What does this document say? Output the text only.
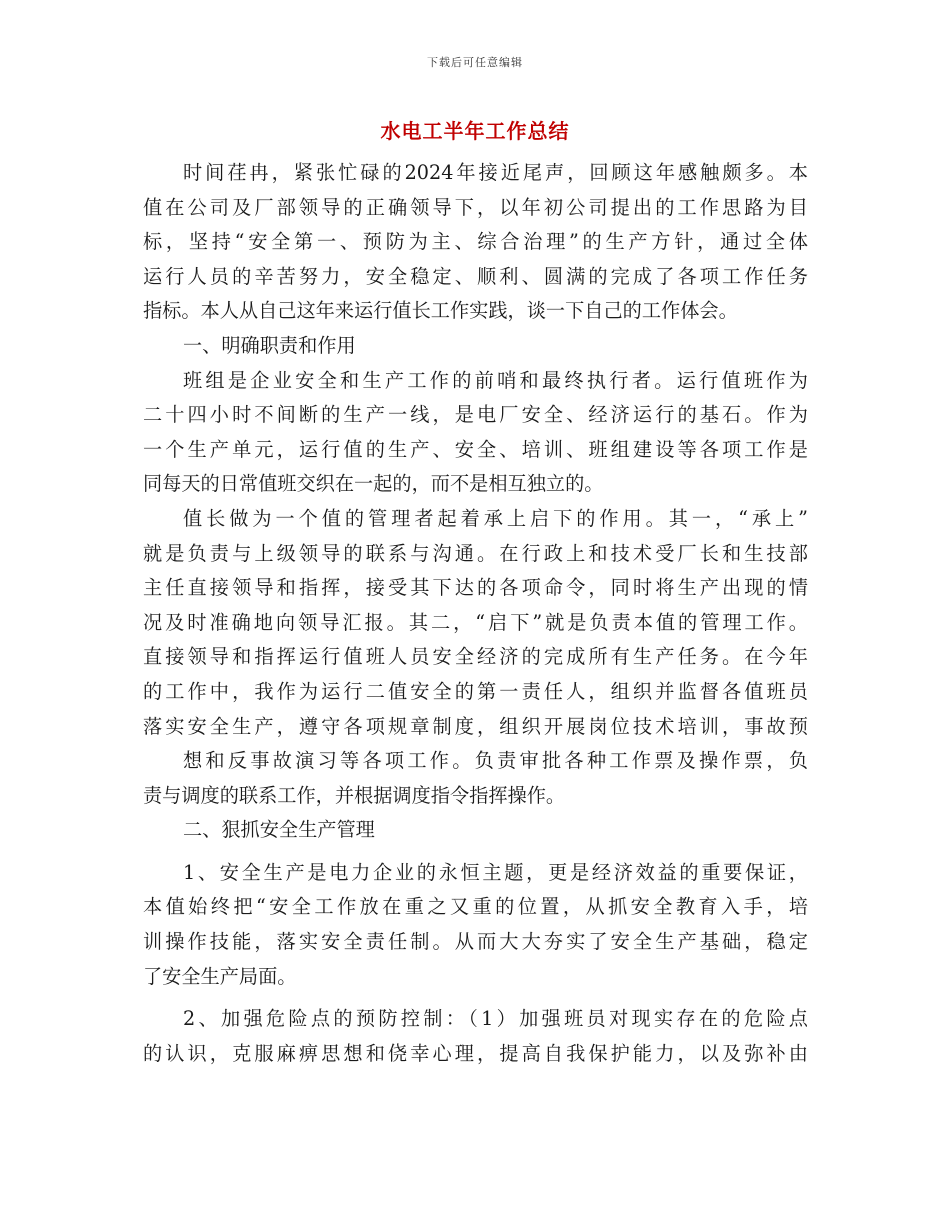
下载后可任意编辑
水电工半年工作总结
时间荏冉，紧张忙碌的2024年接近尾声，回顾这年感触颇多。本
值在公司及厂部领导的正确领导下，以年初公司提出的工作思路为目
标，坚持“安全第一、预防为主、综合治理”的生产方针，通过全体
运行人员的辛苦努力，安全稳定、顺利、圆满的完成了各项工作任务
指标。本人从自己这年来运行值长工作实践，谈一下自己的工作体会。
一、明确职责和作用
班组是企业安全和生产工作的前哨和最终执行者。运行值班作为
二十四小时不间断的生产一线，是电厂安全、经济运行的基石。作为
一个生产单元，运行值的生产、安全、培训、班组建设等各项工作是
同每天的日常值班交织在一起的，而不是相互独立的。
值长做为一个值的管理者起着承上启下的作用。其一，“承上”
就是负责与上级领导的联系与沟通。在行政上和技术受厂长和生技部
主任直接领导和指挥，接受其下达的各项命令，同时将生产出现的情
况及时准确地向领导汇报。其二，“启下”就是负责本值的管理工作。
直接领导和指挥运行值班人员安全经济的完成所有生产任务。在今年
的工作中，我作为运行二值安全的第一责任人，组织并监督各值班员
落实安全生产，遵守各项规章制度，组织开展岗位技术培训，事故预
想和反事故演习等各项工作。负责审批各种工作票及操作票，负
责与调度的联系工作，并根据调度指令指挥操作。
二、狠抓安全生产管理
1、安全生产是电力企业的永恒主题，更是经济效益的重要保证，
本值始终把“安全工作放在重之又重的位置，从抓安全教育入手，培
训操作技能，落实安全责任制。从而大大夯实了安全生产基础，稳定
了安全生产局面。
2、加强危险点的预防控制：（1）加强班员对现实存在的危险点
的认识，克服麻痹思想和侥幸心理，提高自我保护能力，以及弥补由
